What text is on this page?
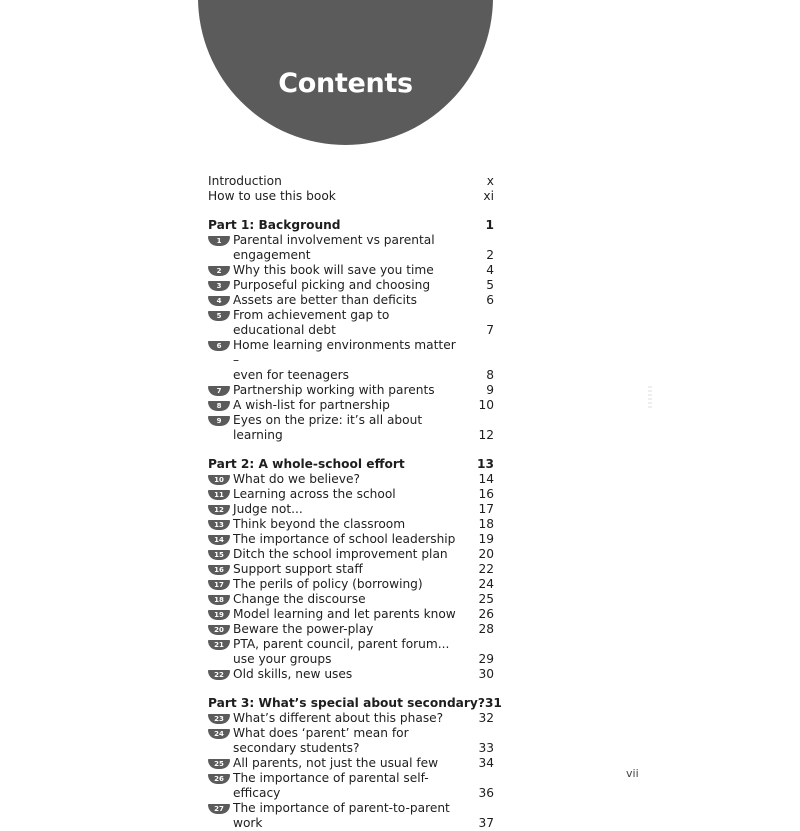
Contents
Introduction	x
How to use this book	xi
Part 1: Background	1
1 Parental involvement vs parental engagement	2
2 Why this book will save you time	4
3 Purposeful picking and choosing	5
4 Assets are better than deficits	6
5 From achievement gap to educational debt	7
6 Home learning environments matter –
even for teenagers	8
7 Partnership working with parents	9
8 A wish-list for partnership	10
9 Eyes on the prize: it’s all about learning	12
Part 2: A whole-school effort	13
10 What do we believe?	14
11 Learning across the school	16
12 Judge not...	17
13 Think beyond the classroom	18
14 The importance of school leadership	19
15 Ditch the school improvement plan	20
16 Support support staff	22
17 The perils of policy (borrowing)	24
18 Change the discourse	25
19 Model learning and let parents know	26
20 Beware the power-play	28
21 PTA, parent council, parent forum...
use your groups	29
22 Old skills, new uses	30
Part 3: What’s special about secondary? 31
23 What’s different about this phase?	32
24 What does ‘parent’ mean for
secondary students?	33
25 All parents, not just the usual few	34
26 The importance of parental self-efficacy	36
27 The importance of parent-to-parent work	37
vii
